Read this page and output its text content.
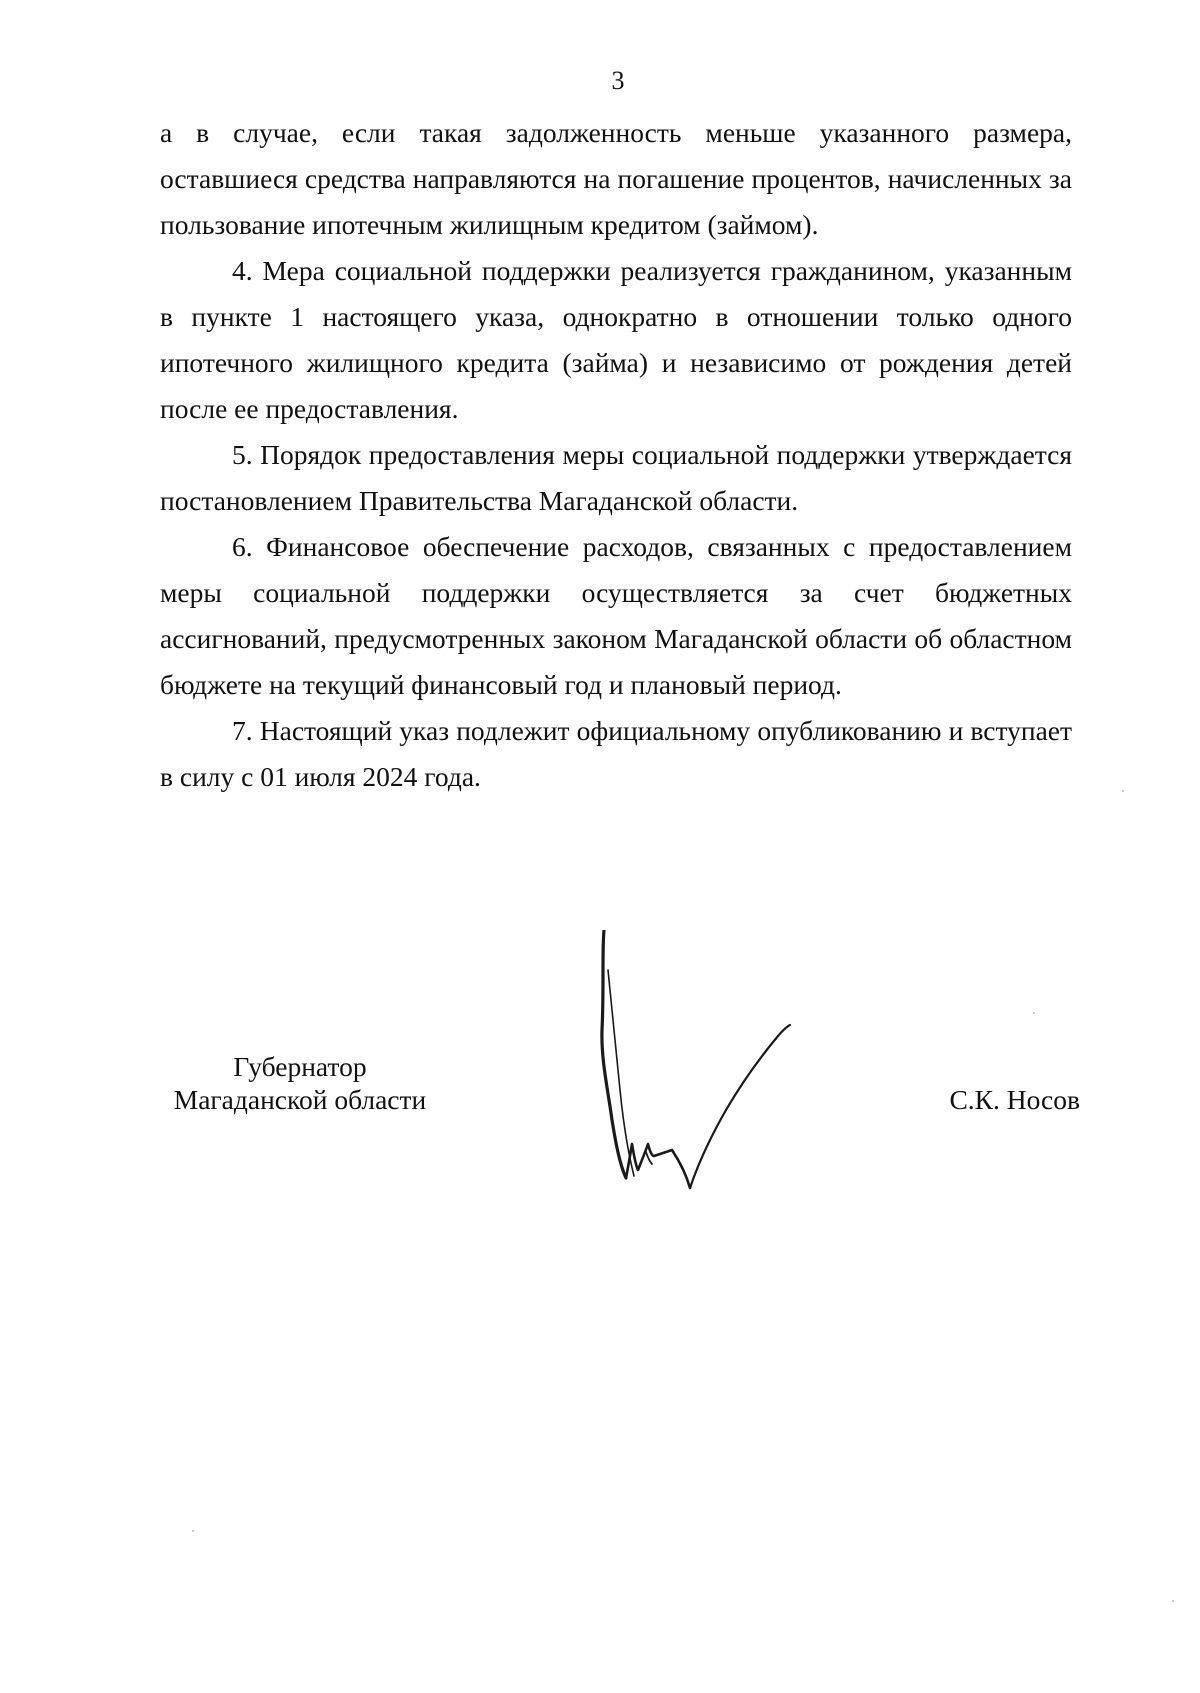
3

а в случае, если такая задолженность меньше указанного размера, оставшиеся средства направляются на погашение процентов, начисленных за пользование ипотечным жилищным кредитом (займом).

4. Мера социальной поддержки реализуется гражданином, указанным в пункте 1 настоящего указа, однократно в отношении только одного ипотечного жилищного кредита (займа) и независимо от рождения детей после ее предоставления.

5. Порядок предоставления меры социальной поддержки утверждается постановлением Правительства Магаданской области.

6. Финансовое обеспечение расходов, связанных с предоставлением меры социальной поддержки осуществляется за счет бюджетных ассигнований, предусмотренных законом Магаданской области об областном бюджете на текущий финансовый год и плановый период.

7. Настоящий указ подлежит официальному опубликованию и вступает в силу с 01 июля 2024 года.

Губернатор
Магаданской области	С.К. Носов
